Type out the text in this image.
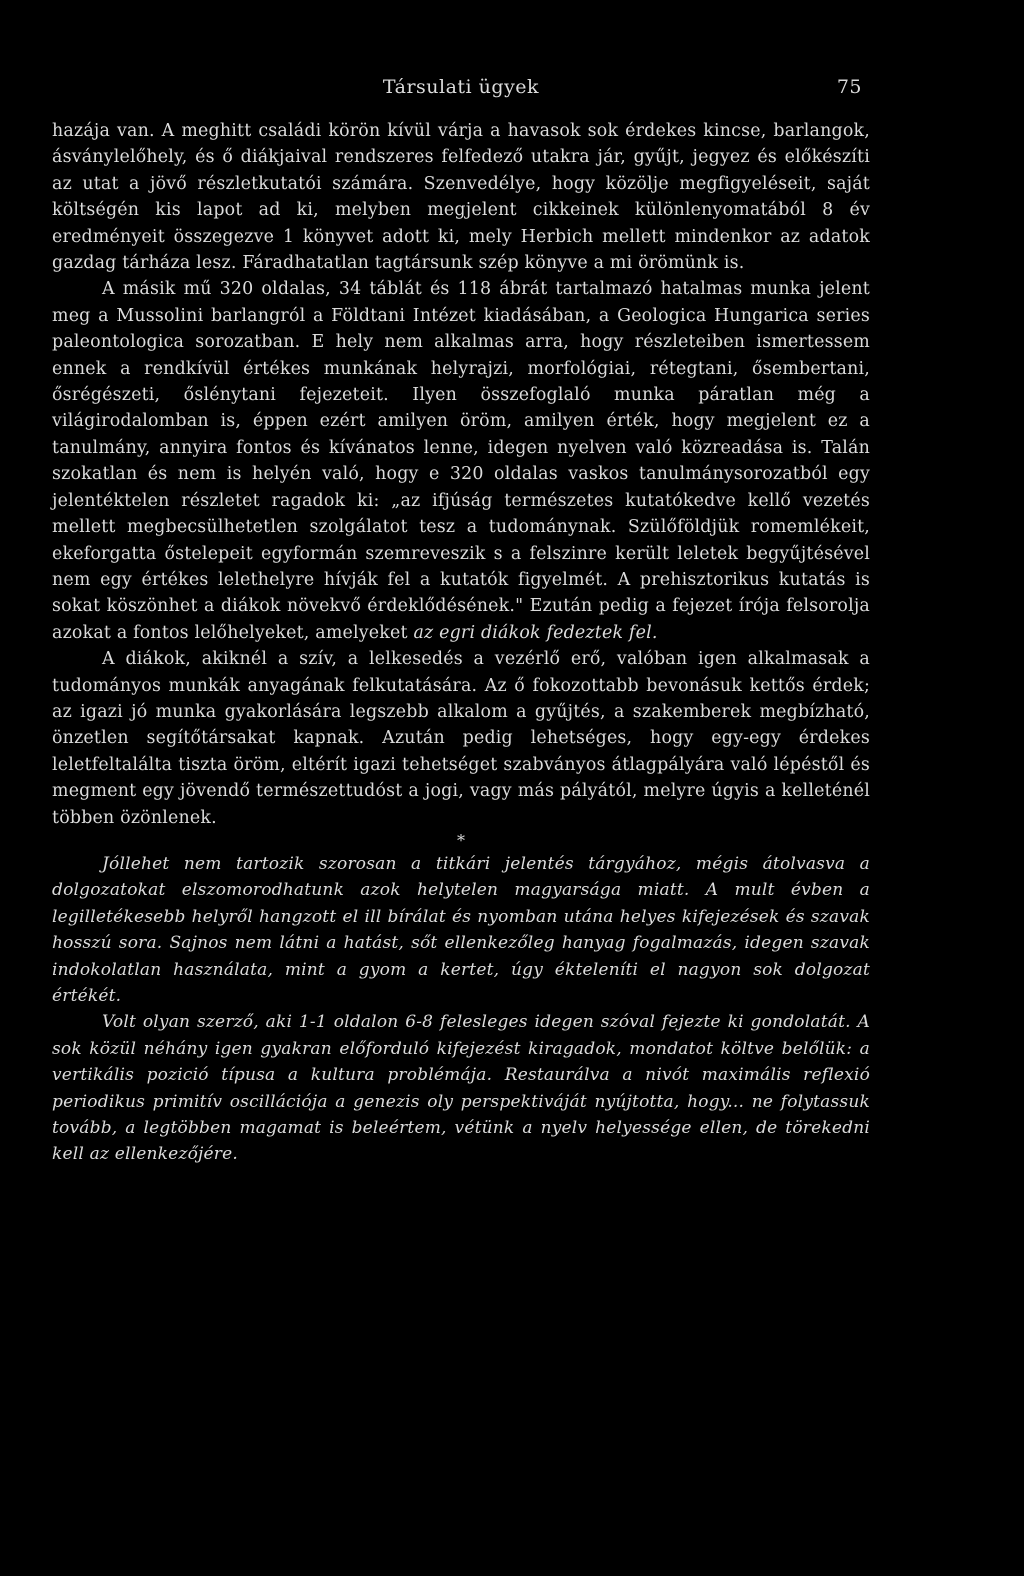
Társulati ügyek	75

hazája van. A meghitt családi körön kívül várja a havasok sok érdekes kincse, barlangok, ásványlelőhely, és ő diákjaival rendszeres felfedező utakra jár, gyűjt, jegyez és előkészíti az utat a jövő részletkutatói számára. Szenvedélye, hogy közölje megfigyeléseit, saját költségén kis lapot ad ki, melyben megjelent cikkeinek különlenyomatából 8 év eredményeit összegezve 1 könyvet adott ki, mely Herbich mellett mindenkor az adatok gazdag tárháza lesz. Fáradhatatlan tagtársunk szép könyve a mi örömünk is.

A másik mű 320 oldalas, 34 táblát és 118 ábrát tartalmazó hatalmas munka jelent meg a Mussolini barlangról a Földtani Intézet kiadásában, a Geologica Hungarica series paleontologica sorozatban. E hely nem alkalmas arra, hogy részleteiben ismertessem ennek a rendkívül értékes munkának helyrajzi, morfológiai, rétegtani, ősembertani, ősrégészeti, őslénytani fejezeteit. Ilyen összefoglaló munka páratlan még a világirodalomban is, éppen ezért amilyen öröm, amilyen érték, hogy megjelent ez a tanulmány, annyira fontos és kívánatos lenne, idegen nyelven való közreadása is. Talán szokatlan és nem is helyén való, hogy e 320 oldalas vaskos tanulmánysorozatból egy jelentéktelen részletet ragadok ki: „az ifjúság természetes kutatókedve kellő vezetés mellett megbecsülhetetlen szolgálatot tesz a tudománynak. Szülőföldjük romemlékeit, ekeforgatta őstelepeit egyformán szemreveszik s a felszinre került leletek begyűjtésével nem egy értékes lelethelyre hívják fel a kutatók figyelmét. A prehisztorikus kutatás is sokat köszönhet a diákok növekvő érdeklődésének." Ezután pedig a fejezet írója felsorolja azokat a fontos lelőhelyeket, amelyeket az egri diákok fedeztek fel.

A diákok, akiknél a szív, a lelkesedés a vezérlő erő, valóban igen alkalmasak a tudományos munkák anyagának felkutatására. Az ő fokozottabb bevonásuk kettős érdek; az igazi jó munka gyakorlására legszebb alkalom a gyűjtés, a szakemberek megbízható, önzetlen segítőtársakat kapnak. Azután pedig lehetséges, hogy egy-egy érdekes leletfeltalálta tiszta öröm, eltérít igazi tehetséget szabványos átlagpályára való lépéstől és megment egy jövendő természettudóst a jogi, vagy más pályától, melyre úgyis a kelleténél többen özönlenek.

*

Jóllehet nem tartozik szorosan a titkári jelentés tárgyához, mégis átolvasva a dolgozatokat elszomorodhatunk azok helytelen magyarsága miatt. A mult évben a legilletékesebb helyről hangzott el ill bírálat és nyomban utána helyes kifejezések és szavak hosszú sora. Sajnos nem látni a hatást, sőt ellenkezőleg hanyag fogalmazás, idegen szavak indokolatlan használata, mint a gyom a kertet, úgy ékteleníti el nagyon sok dolgozat értékét.

Volt olyan szerző, aki 1-1 oldalon 6-8 felesleges idegen szóval fejezte ki gondolatát. A sok közül néhány igen gyakran előforduló kifejezést kiragadok, mondatot költve belőlük: a vertikális pozició típusa a kultura problémája. Restaurálva a nivót maximális reflexió periodikus primitív oscillációja a genezis oly perspektiváját nyújtotta, hogy... ne folytassuk tovább, a legtöbben magamat is beleértem, vétünk a nyelv helyessége ellen, de törekedni kell az ellenkezőjére.
